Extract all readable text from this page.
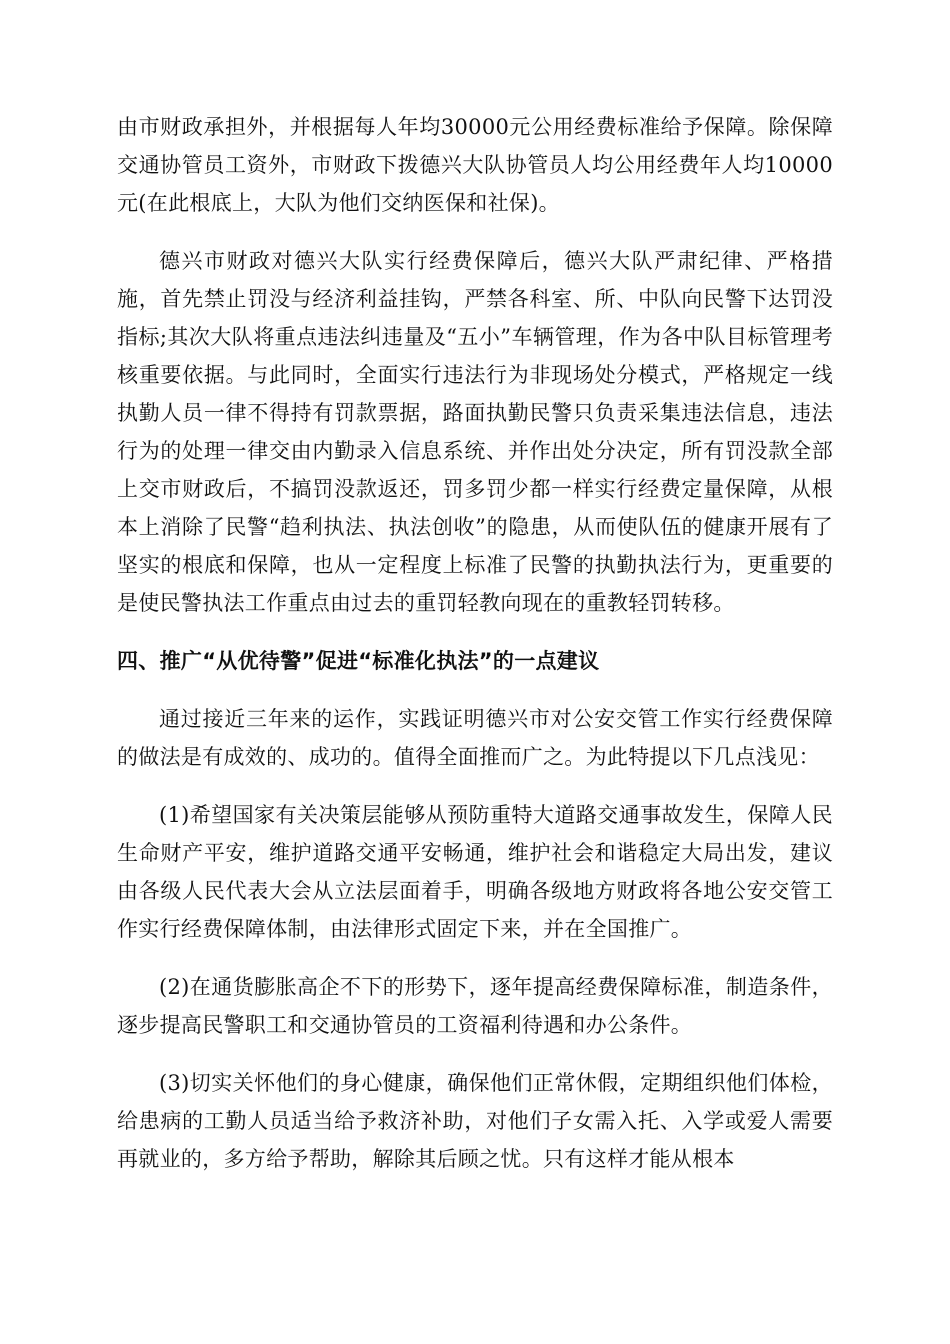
由市财政承担外，并根据每人年均30000元公用经费标准给予保障。除保障交通协管员工资外，市财政下拨德兴大队协管员人均公用经费年人均10000元(在此根底上，大队为他们交纳医保和社保)。

德兴市财政对德兴大队实行经费保障后，德兴大队严肃纪律、严格措施，首先禁止罚没与经济利益挂钩，严禁各科室、所、中队向民警下达罚没指标;其次大队将重点违法纠违量及“五小”车辆管理，作为各中队目标管理考核重要依据。与此同时，全面实行违法行为非现场处分模式，严格规定一线执勤人员一律不得持有罚款票据，路面执勤民警只负责采集违法信息，违法行为的处理一律交由内勤录入信息系统、并作出处分决定，所有罚没款全部上交市财政后，不搞罚没款返还，罚多罚少都一样实行经费定量保障，从根本上消除了民警“趋利执法、执法创收”的隐患，从而使队伍的健康开展有了坚实的根底和保障，也从一定程度上标准了民警的执勤执法行为，更重要的是使民警执法工作重点由过去的重罚轻教向现在的重教轻罚转移。

四、推广“从优待警”促进“标准化执法”的一点建议

通过接近三年来的运作，实践证明德兴市对公安交管工作实行经费保障的做法是有成效的、成功的。值得全面推而广之。为此特提以下几点浅见：

(1)希望国家有关决策层能够从预防重特大道路交通事故发生，保障人民生命财产平安，维护道路交通平安畅通，维护社会和谐稳定大局出发，建议由各级人民代表大会从立法层面着手，明确各级地方财政将各地公安交管工作实行经费保障体制，由法律形式固定下来，并在全国推广。

(2)在通货膨胀高企不下的形势下，逐年提高经费保障标准，制造条件，逐步提高民警职工和交通协管员的工资福利待遇和办公条件。

(3)切实关怀他们的身心健康，确保他们正常休假，定期组织他们体检，给患病的工勤人员适当给予救济补助，对他们子女需入托、入学或爱人需要再就业的，多方给予帮助，解除其后顾之忧。只有这样才能从根本
